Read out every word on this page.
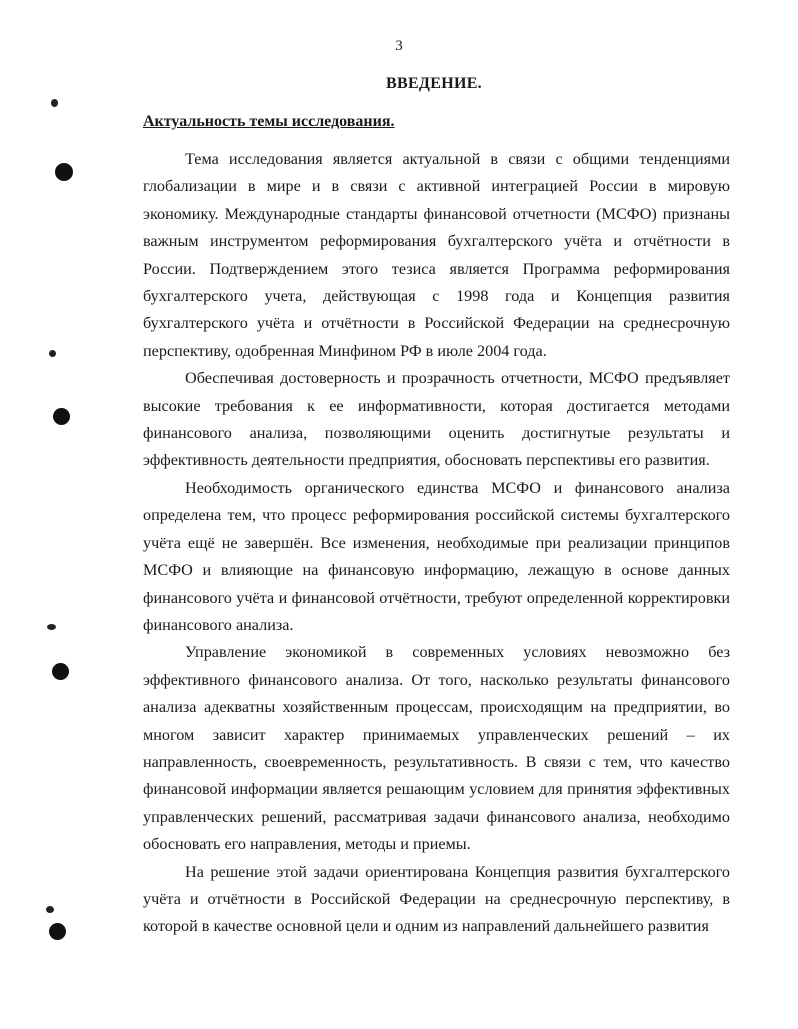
3
ВВЕДЕНИЕ.
Актуальность темы исследования.

Тема исследования является актуальной в связи с общими тенденциями глобализации в мире и в связи с активной интеграцией России в мировую экономику. Международные стандарты финансовой отчетности (МСФО) признаны важным инструментом реформирования бухгалтерского учёта и отчётности в России. Подтверждением этого тезиса является Программа реформирования бухгалтерского учета, действующая с 1998 года и Концепция развития бухгалтерского учёта и отчётности в Российской Федерации на среднесрочную перспективу, одобренная Минфином РФ в июле 2004 года.

Обеспечивая достоверность и прозрачность отчетности, МСФО предъявляет высокие требования к ее информативности, которая достигается методами финансового анализа, позволяющими оценить достигнутые результаты и эффективность деятельности предприятия, обосновать перспективы его развития.

Необходимость органического единства МСФО и финансового анализа определена тем, что процесс реформирования российской системы бухгалтерского учёта ещё не завершён. Все изменения, необходимые при реализации принципов МСФО и влияющие на финансовую информацию, лежащую в основе данных финансового учёта и финансовой отчётности, требуют определенной корректировки финансового анализа.

Управление экономикой в современных условиях невозможно без эффективного финансового анализа. От того, насколько результаты финансового анализа адекватны хозяйственным процессам, происходящим на предприятии, во многом зависит характер принимаемых управленческих решений – их направленность, своевременность, результативность. В связи с тем, что качество финансовой информации является решающим условием для принятия эффективных управленческих решений, рассматривая задачи финансового анализа, необходимо обосновать его направления, методы и приемы.

На решение этой задачи ориентирована Концепция развития бухгалтерского учёта и отчётности в Российской Федерации на среднесрочную перспективу, в которой в качестве основной цели и одним из направлений дальнейшего развития
